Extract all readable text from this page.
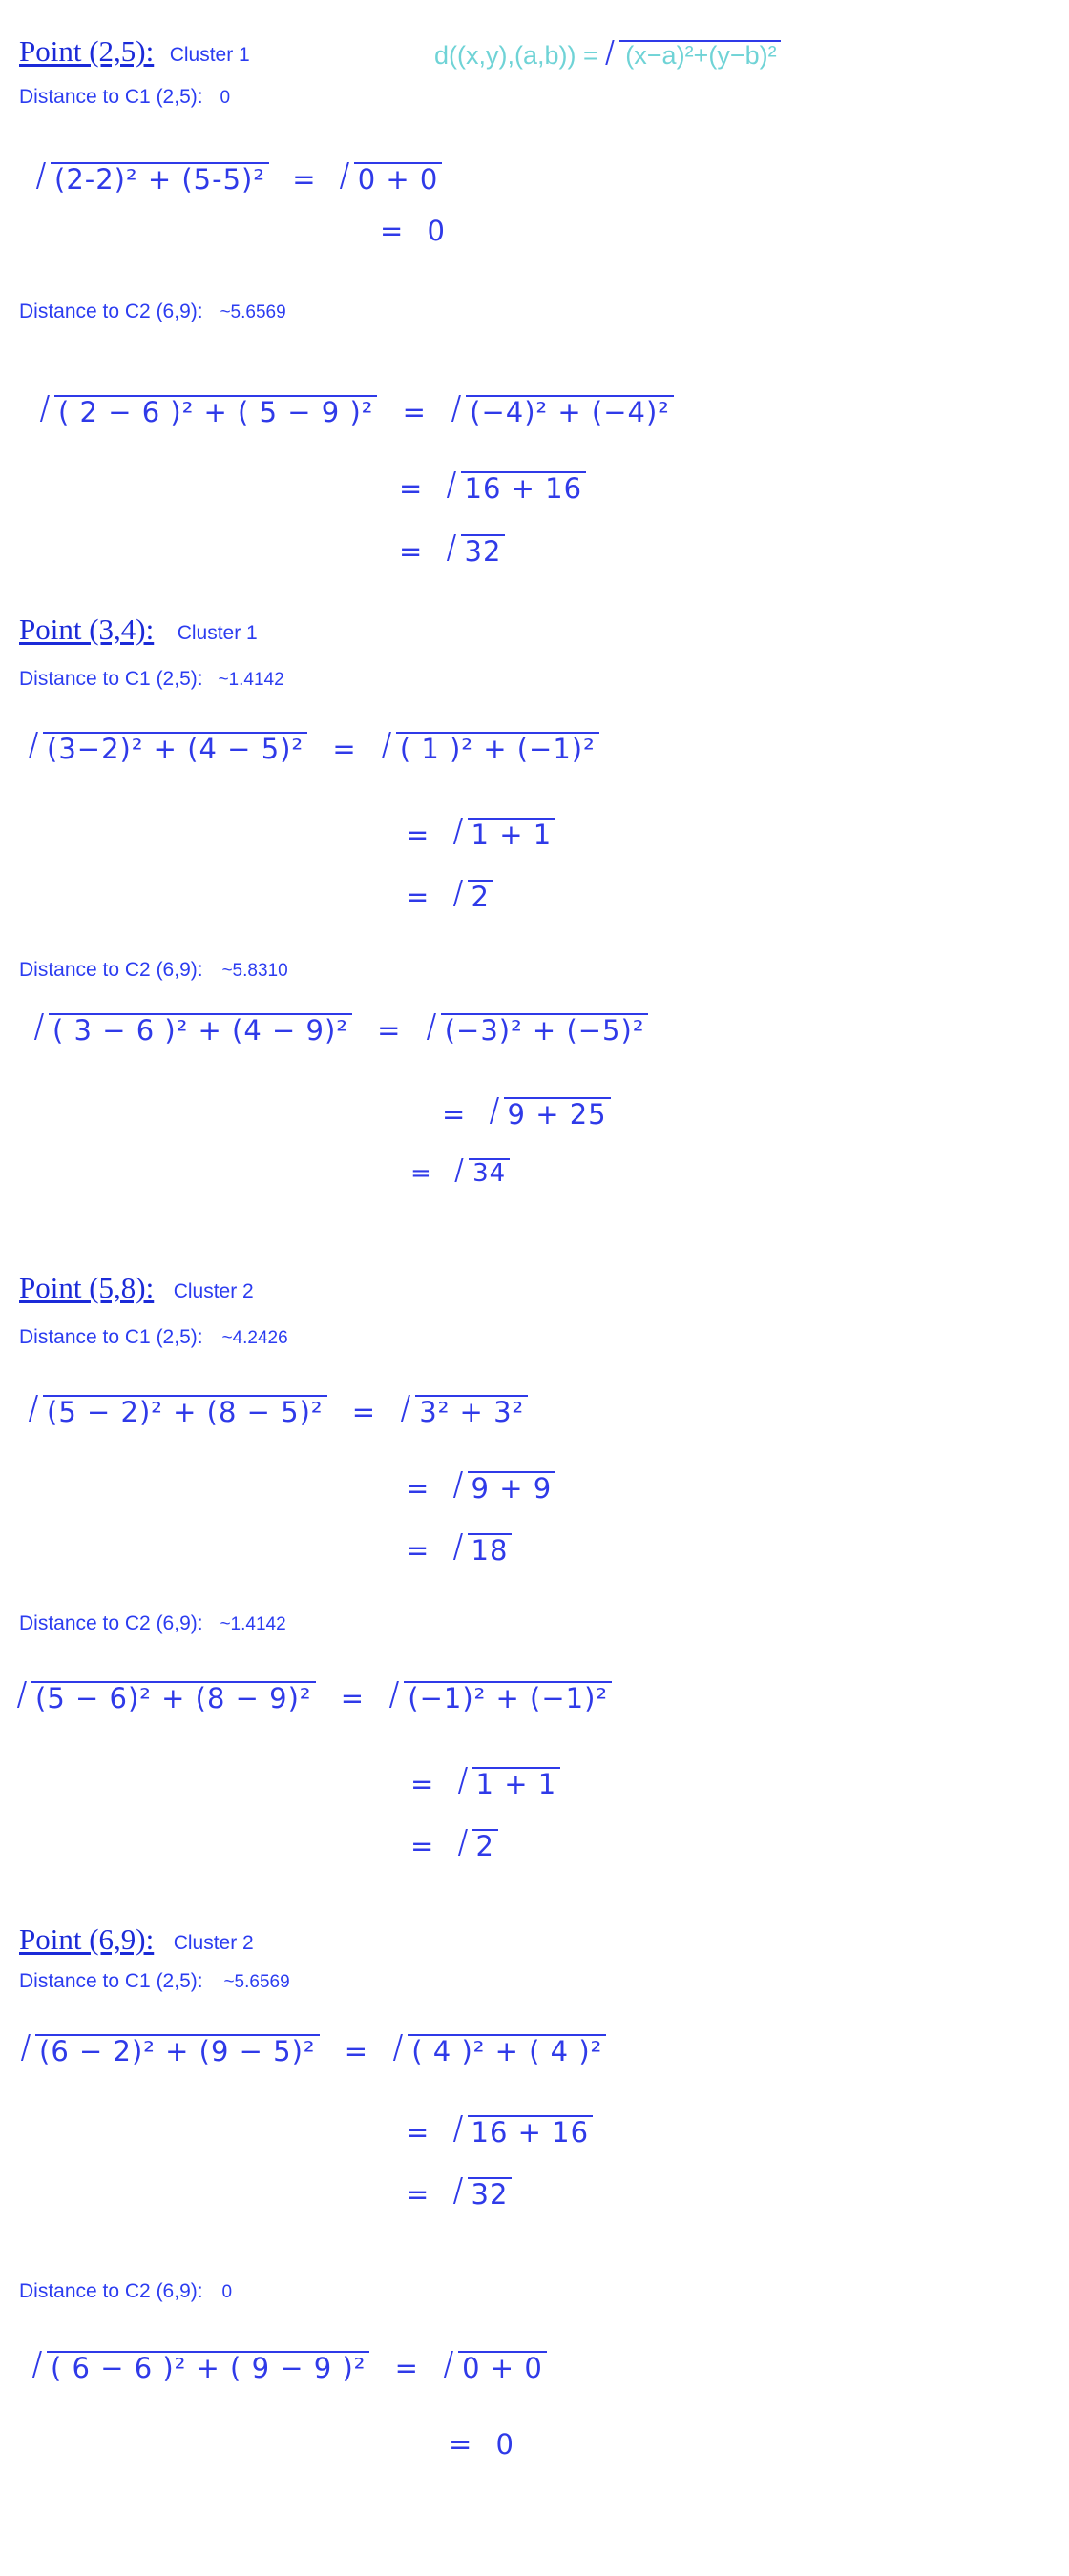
d((x,y),(a,b)) = (x−a)²+(y−b)²
Point (2,5): Cluster 1
Distance to C1 (2,5): 0
(2-2)² + (5-5)² = 0 + 0
= 0
Distance to C2 (6,9): ~5.6569
( 2 − 6 )² + ( 5 − 9 )² = (−4)² + (−4)²
= 16 + 16
= 32
Point (3,4): Cluster 1
Distance to C1 (2,5): ~1.4142
(3−2)² + (4 − 5)² = ( 1 )² + (−1)²
= 1 + 1
= 2
Distance to C2 (6,9): ~5.8310
( 3 − 6 )² + (4 − 9)² = (−3)² + (−5)²
= 9 + 25
= 34
Point (5,8): Cluster 2
Distance to C1 (2,5): ~4.2426
(5 − 2)² + (8 − 5)² = 3² + 3²
= 9 + 9
= 18
Distance to C2 (6,9): ~1.4142
(5 − 6)² + (8 − 9)² = (−1)² + (−1)²
= 1 + 1
= 2
Point (6,9): Cluster 2
Distance to C1 (2,5): ~5.6569
(6 − 2)² + (9 − 5)² = ( 4 )² + ( 4 )²
= 16 + 16
= 32
Distance to C2 (6,9): 0
( 6 − 6 )² + ( 9 − 9 )² = 0 + 0
= 0
